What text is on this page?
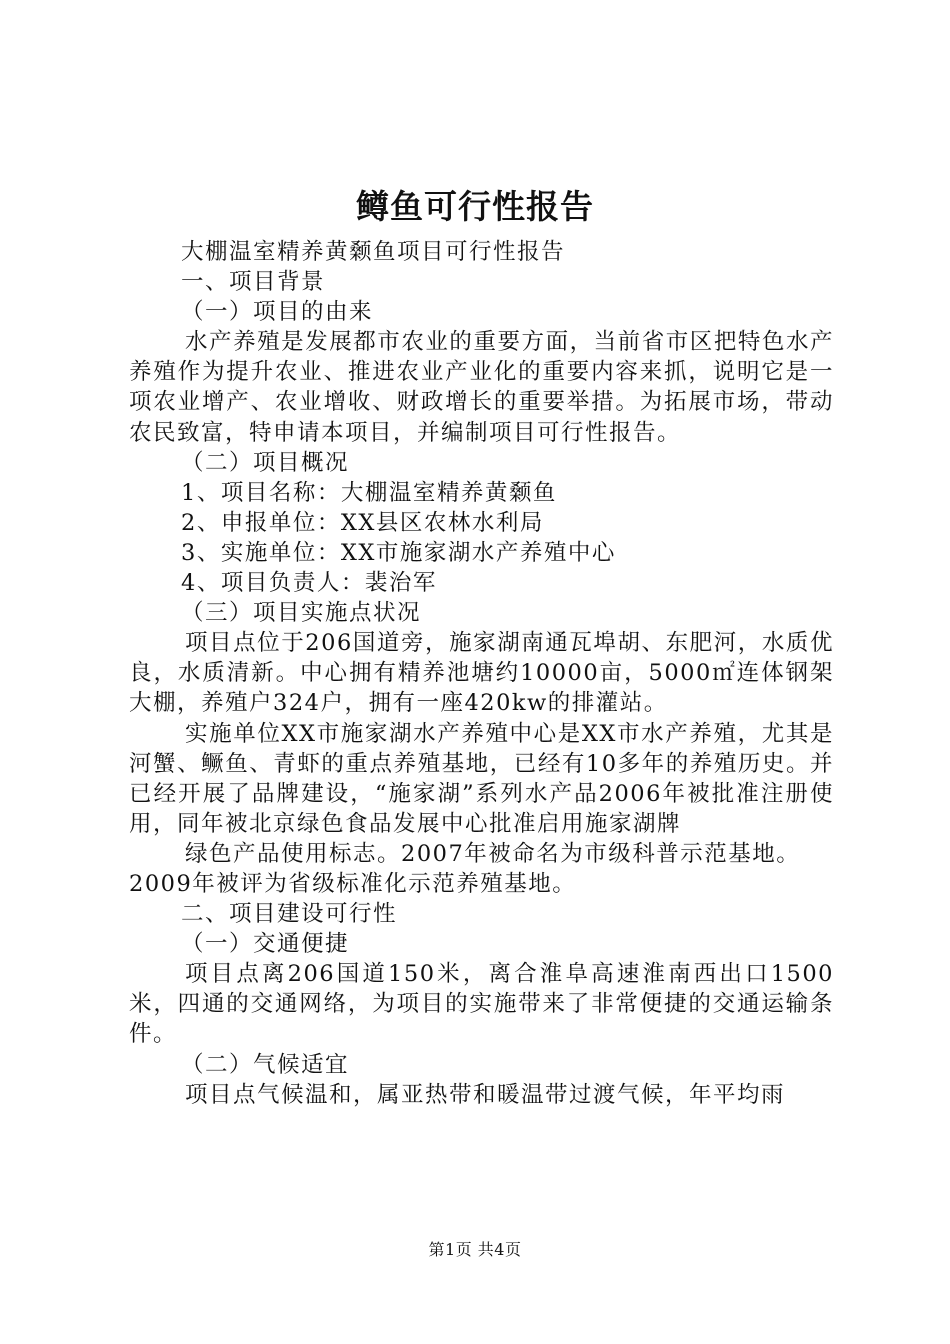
鳟鱼可行性报告

大棚温室精养黄颡鱼项目可行性报告

一、项目背景

（一）项目的由来

水产养殖是发展都市农业的重要方面，当前省市区把特色水产养殖作为提升农业、推进农业产业化的重要内容来抓，说明它是一项农业增产、农业增收、财政增长的重要举措。为拓展市场，带动农民致富，特申请本项目，并编制项目可行性报告。

（二）项目概况

1、项目名称：大棚温室精养黄颡鱼

2、申报单位：XX县区农林水利局

3、实施单位：XX市施家湖水产养殖中心

4、项目负责人：裴治军

（三）项目实施点状况

项目点位于206国道旁，施家湖南通瓦埠胡、东肥河，水质优良，水质清新。中心拥有精养池塘约10000亩，5000㎡连体钢架大棚，养殖户324户，拥有一座420kw的排灌站。

实施单位XX市施家湖水产养殖中心是XX市水产养殖，尤其是河蟹、鳜鱼、青虾的重点养殖基地，已经有10多年的养殖历史。并已经开展了品牌建设，“施家湖”系列水产品2006年被批准注册使用，同年被北京绿色食品发展中心批准启用施家湖牌

绿色产品使用标志。2007年被命名为市级科普示范基地。2009年被评为省级标准化示范养殖基地。

二、项目建设可行性

（一）交通便捷

项目点离206国道150米，离合淮阜高速淮南西出口1500米，四通的交通网络，为项目的实施带来了非常便捷的交通运输条件。

（二）气候适宜

项目点气候温和，属亚热带和暖温带过渡气候，年平均雨

第1页 共4页
